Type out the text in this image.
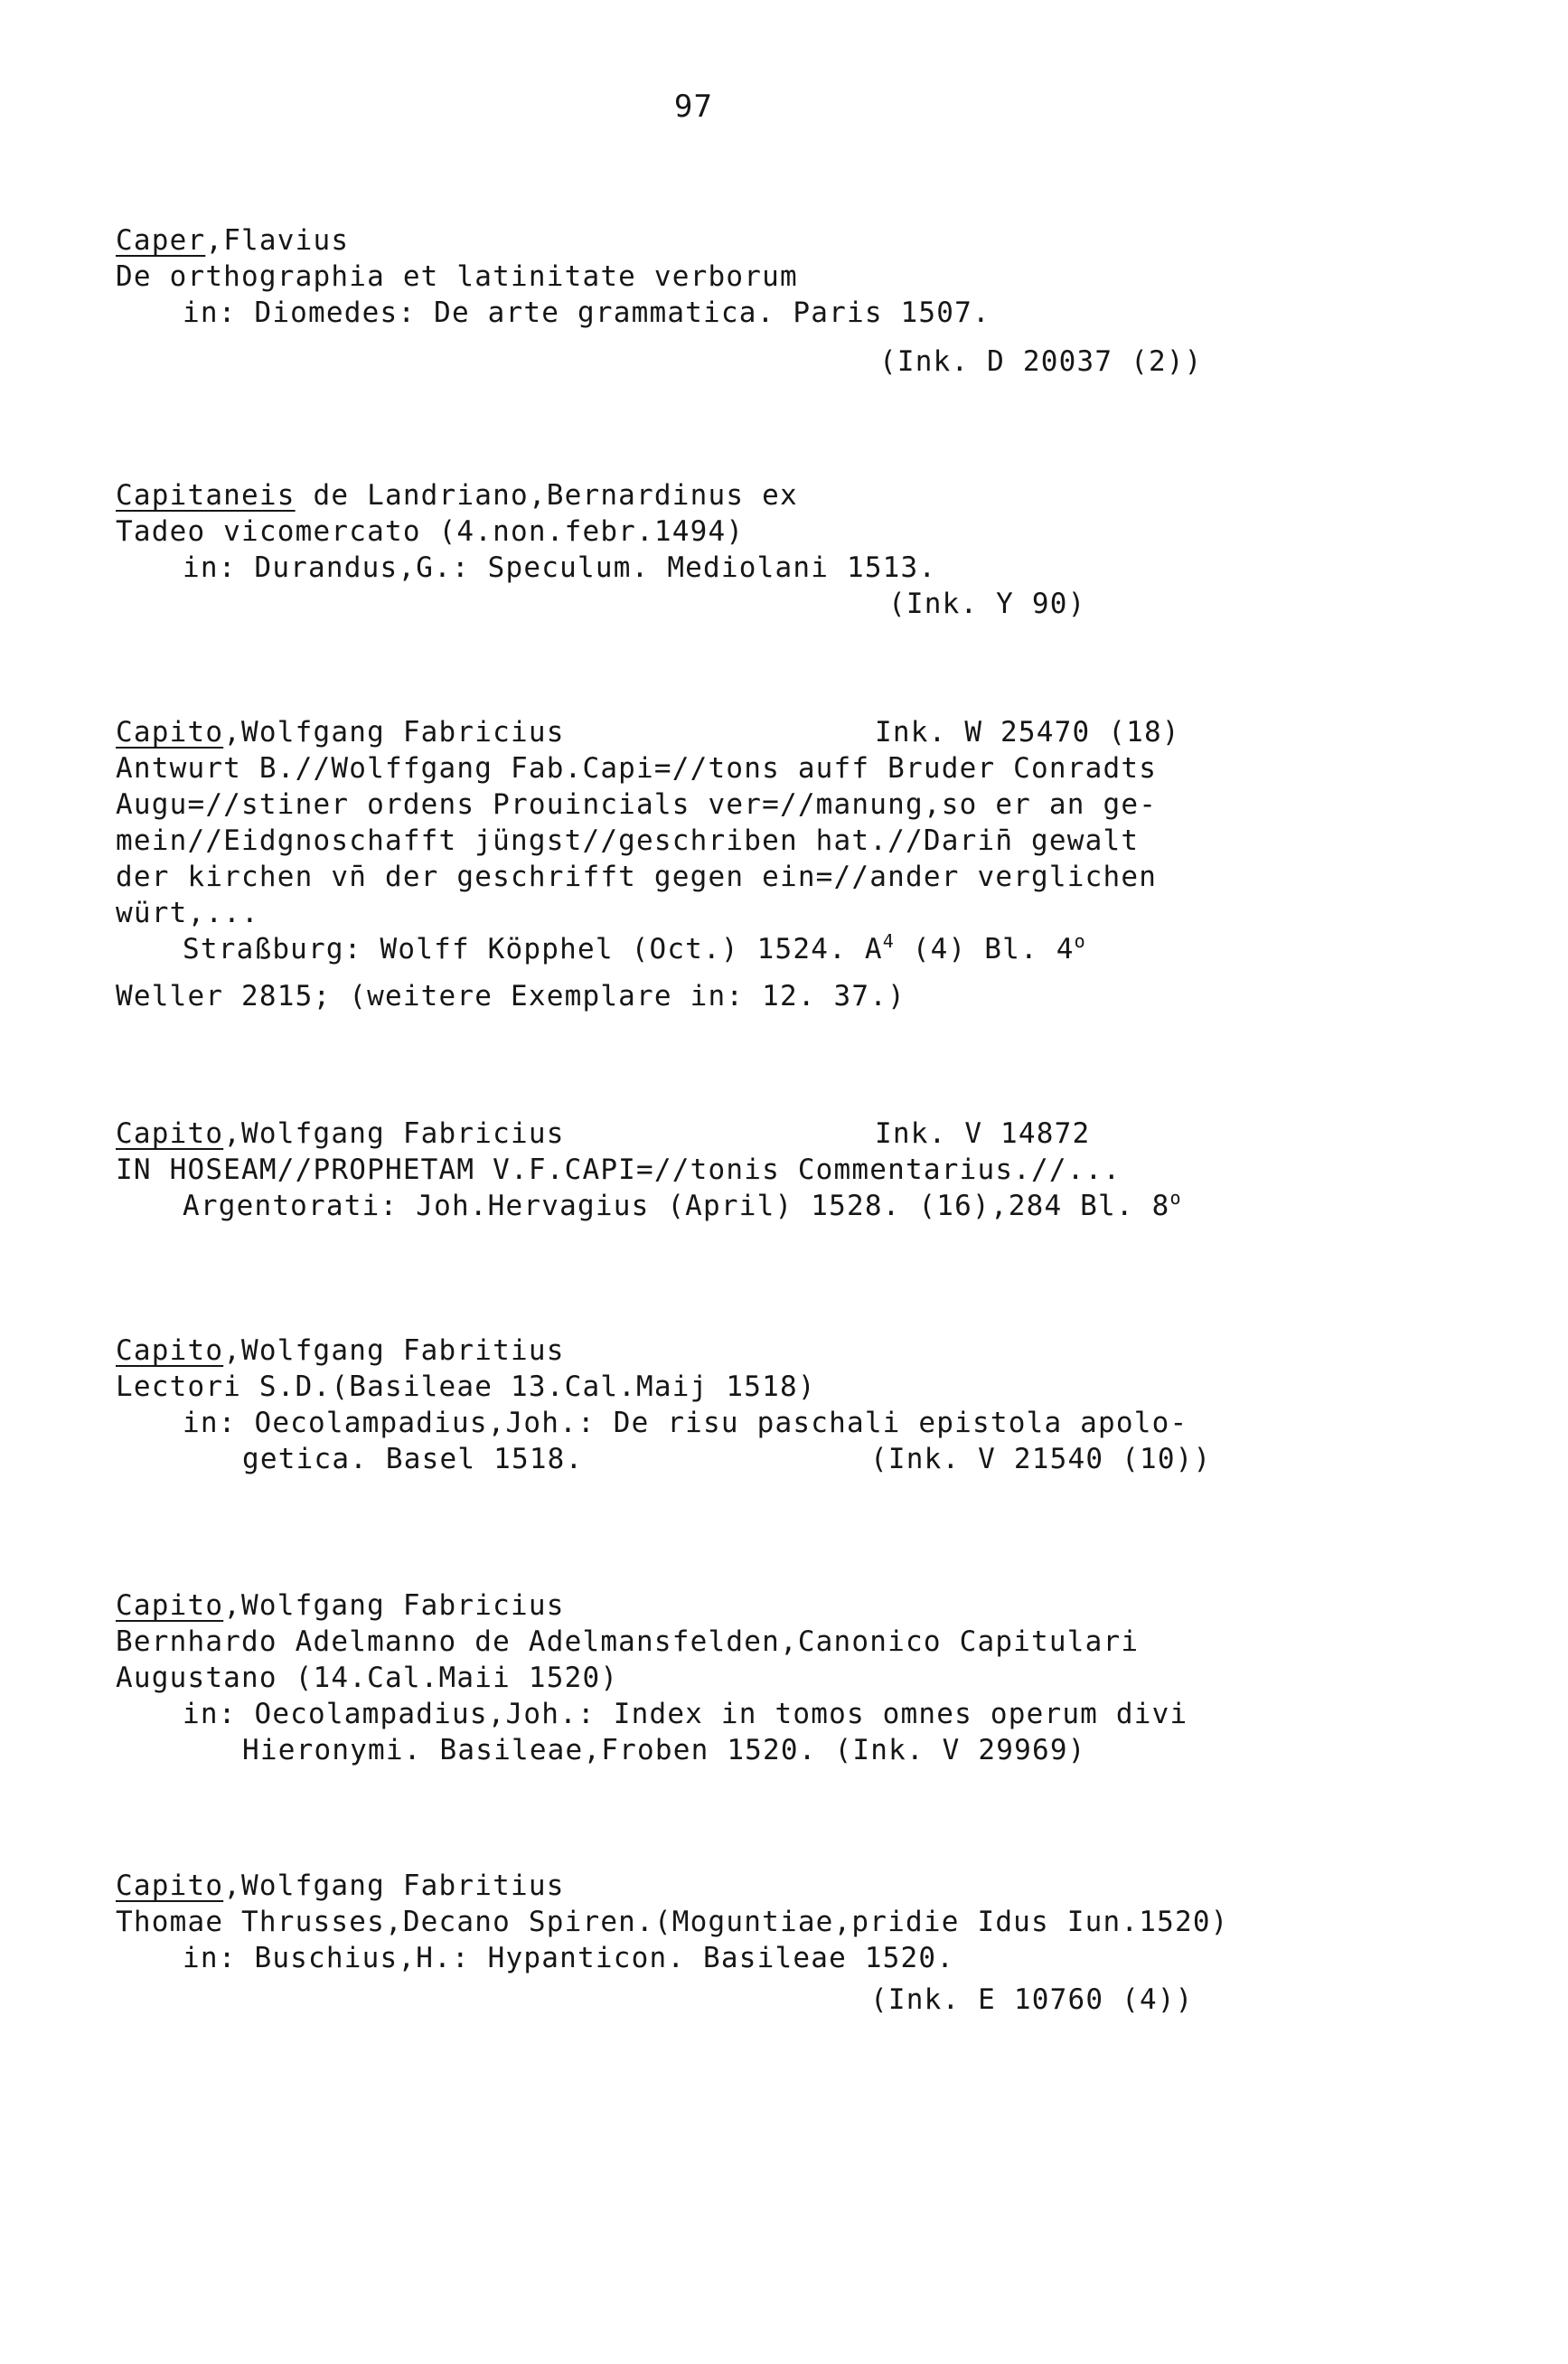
97
Caper,Flavius
De orthographia et latinitate verborum
in: Diomedes: De arte grammatica. Paris 1507.
(Ink. D 20037 (2))
Capitaneis de Landriano,Bernardinus ex
Tadeo vicomercato (4.non.febr.1494)
in: Durandus,G.: Speculum. Mediolani 1513.
(Ink. Y 90)
Capito,Wolfgang Fabricius	Ink. W 25470 (18)
Antwurt B.//Wolffgang Fab.Capi=//tons auff Bruder Conradts
Augu=//stiner ordens Prouincials ver=//manung,so er an ge-
mein//Eidgnoschafft jüngst//geschriben hat.//Darin̄ gewalt
der kirchen vn̄ der geschrifft gegen ein=//ander verglichen
würt,...
Straßburg: Wolff Köpphel (Oct.) 1524. $A^4$ (4) Bl. 4$^o$
Weller 2815; (weitere Exemplare in: 12. 37.)
Capito,Wolfgang Fabricius	Ink. V 14872
IN HOSEAM//PROPHETAM V.F.CAPI=//tonis Commentarius.//...
Argentorati: Joh.Hervagius (April) 1528. (16),284 Bl. 8$^o$
Capito,Wolfgang Fabritius
Lectori S.D.(Basileae 13.Cal.Maij 1518)
in: Oecolampadius,Joh.: De risu paschali epistola apolo-
getica. Basel 1518.	(Ink. V 21540 (10))
Capito,Wolfgang Fabricius
Bernhardo Adelmanno de Adelmansfelden,Canonico Capitulari
Augustano (14.Cal.Maii 1520)
in: Oecolampadius,Joh.: Index in tomos omnes operum divi
Hieronymi. Basileae,Froben 1520. (Ink. V 29969)
Capito,Wolfgang Fabritius
Thomae Thrusses,Decano Spiren.(Moguntiae,pridie Idus Iun.1520)
in: Buschius,H.: Hypanticon. Basileae 1520.
(Ink. E 10760 (4))
